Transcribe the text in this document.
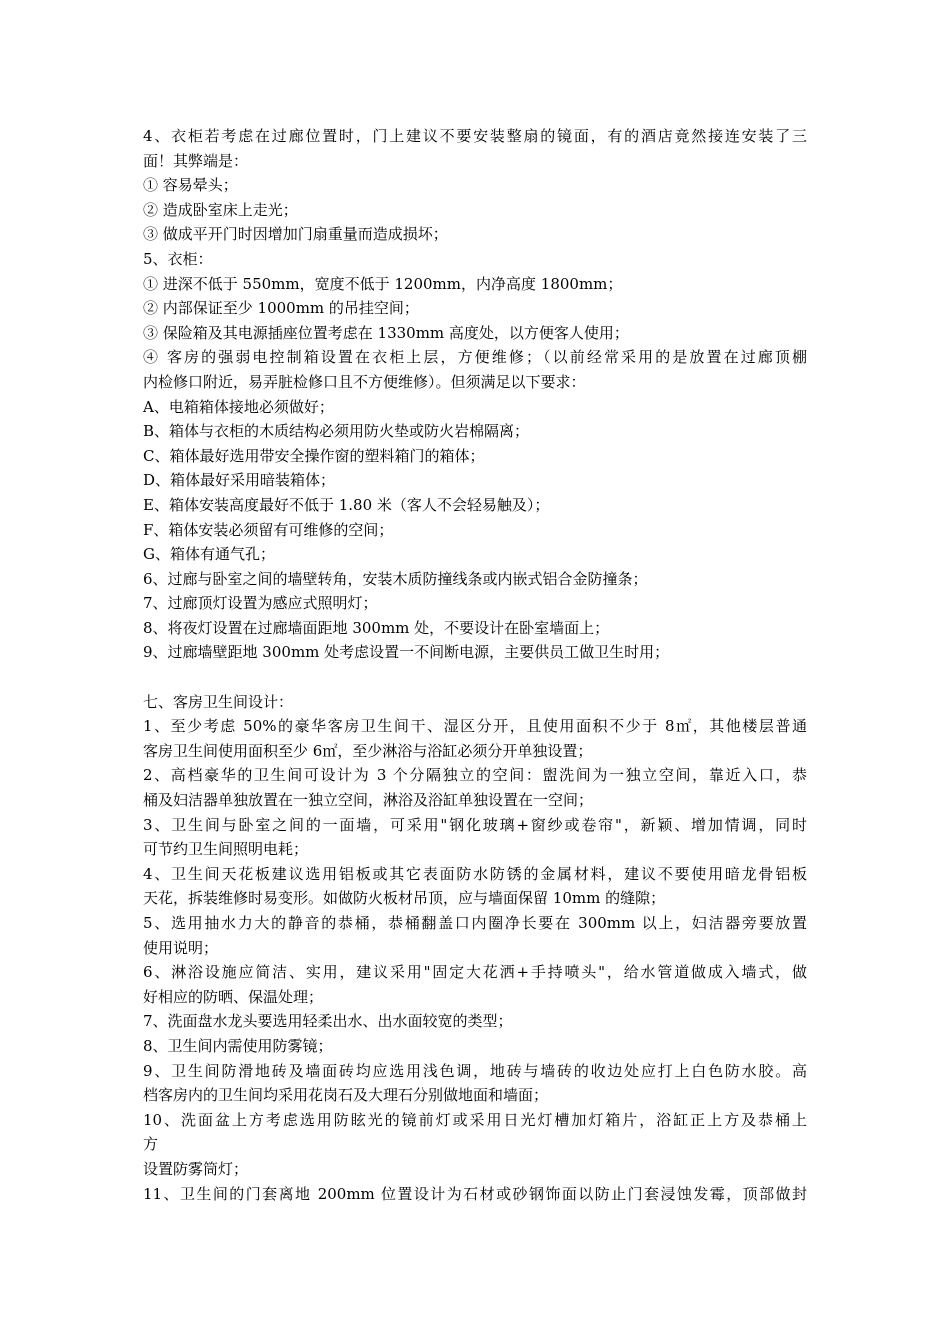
4、衣柜若考虑在过廊位置时，门上建议不要安装整扇的镜面，有的酒店竟然接连安装了三
面！其弊端是：
① 容易晕头；
② 造成卧室床上走光；
③ 做成平开门时因增加门扇重量而造成损坏；
5、衣柜：
① 进深不低于 550mm，宽度不低于 1200mm，内净高度 1800mm；
② 内部保证至少 1000mm 的吊挂空间；
③ 保险箱及其电源插座位置考虑在 1330mm 高度处，以方便客人使用；
④ 客房的强弱电控制箱设置在衣柜上层，方便维修；（以前经常采用的是放置在过廊顶棚
内检修口附近，易弄脏检修口且不方便维修）。但须满足以下要求：
A、电箱箱体接地必须做好；
B、箱体与衣柜的木质结构必须用防火垫或防火岩棉隔离；
C、箱体最好选用带安全操作窗的塑料箱门的箱体；
D、箱体最好采用暗装箱体；
E、箱体安装高度最好不低于 1.80 米（客人不会轻易触及）；
F、箱体安装必须留有可维修的空间；
G、箱体有通气孔；
6、过廊与卧室之间的墙壁转角，安装木质防撞线条或内嵌式铝合金防撞条；
7、过廊顶灯设置为感应式照明灯；
8、将夜灯设置在过廊墙面距地 300mm 处，不要设计在卧室墙面上；
9、过廊墙壁距地 300mm 处考虑设置一不间断电源，主要供员工做卫生时用；
七、客房卫生间设计：
1、至少考虑 50%的豪华客房卫生间干、湿区分开，且使用面积不少于 8㎡，其他楼层普通
客房卫生间使用面积至少 6㎡，至少淋浴与浴缸必须分开单独设置；
2、高档豪华的卫生间可设计为 3 个分隔独立的空间：盥洗间为一独立空间，靠近入口，恭
桶及妇洁器单独放置在一独立空间，淋浴及浴缸单独设置在一空间；
3、卫生间与卧室之间的一面墙，可采用"钢化玻璃+窗纱或卷帘"，新颖、增加情调，同时
可节约卫生间照明电耗；
4、卫生间天花板建议选用铝板或其它表面防水防锈的金属材料，建议不要使用暗龙骨铝板
天花，拆装维修时易变形。如做防火板材吊顶，应与墙面保留 10mm 的缝隙；
5、选用抽水力大的静音的恭桶，恭桶翻盖口内圈净长要在 300mm 以上，妇洁器旁要放置
使用说明；
6、淋浴设施应简洁、实用，建议采用"固定大花洒+手持喷头"，给水管道做成入墙式，做
好相应的防晒、保温处理；
7、洗面盘水龙头要选用轻柔出水、出水面较宽的类型；
8、卫生间内需使用防雾镜；
9、卫生间防滑地砖及墙面砖均应选用浅色调，地砖与墙砖的收边处应打上白色防水胶。高
档客房内的卫生间均采用花岗石及大理石分别做地面和墙面；
10、洗面盆上方考虑选用防眩光的镜前灯或采用日光灯槽加灯箱片，浴缸正上方及恭桶上
方
设置防雾筒灯；
11、卫生间的门套离地 200mm 位置设计为石材或砂钢饰面以防止门套浸蚀发霉，顶部做封
